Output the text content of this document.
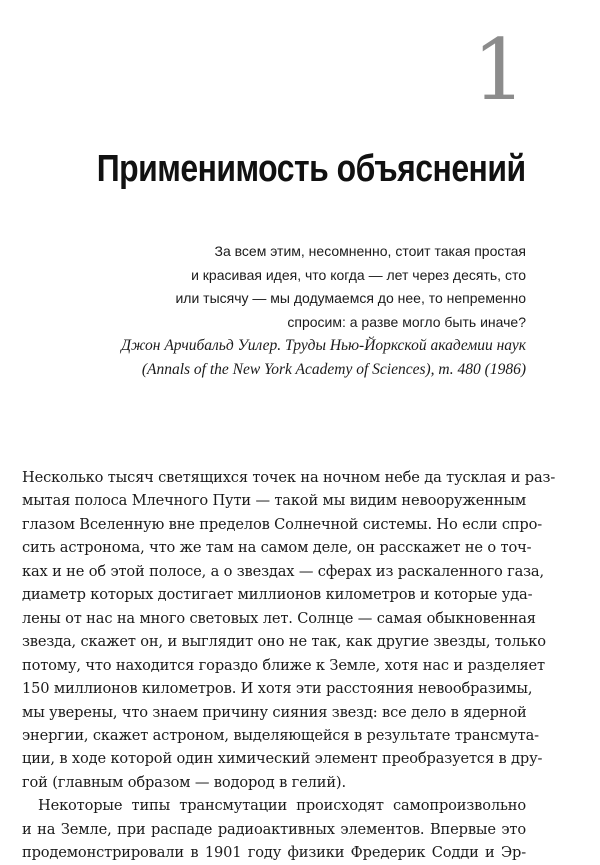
1
Применимость объяснений
За всем этим, несомненно, стоит такая простая
и красивая идея, что когда — лет через десять, сто
или тысячу — мы додумаемся до нее, то непременно
спросим: а разве могло быть иначе?
Джон Арчибальд Уилер. Труды Нью-Йоркской академии наук
(Annals of the New York Academy of Sciences), т. 480 (1986)
Несколько тысяч светящихся точек на ночном небе да тусклая и раз-
мытая полоса Млечного Пути — такой мы видим невооруженным
глазом Вселенную вне пределов Солнечной системы. Но если спро-
сить астронома, что же там на самом деле, он расскажет не о точ-
ках и не об этой полосе, а о звездах — сферах из раскаленного газа,
диаметр которых достигает миллионов километров и которые уда-
лены от нас на много световых лет. Солнце — самая обыкновенная
звезда, скажет он, и выглядит оно не так, как другие звезды, только
потому, что находится гораздо ближе к Земле, хотя нас и разделяет
150 миллионов километров. И хотя эти расстояния невообразимы,
мы уверены, что знаем причину сияния звезд: все дело в ядерной
энергии, скажет астроном, выделяющейся в результате трансмута-
ции, в ходе которой один химический элемент преобразуется в дру-
гой (главным образом — водород в гелий).
Некоторые типы трансмутации происходят самопроизвольно
и на Земле, при распаде радиоактивных элементов. Впервые это
продемонстрировали в 1901 году физики Фредерик Содди и Эр-
